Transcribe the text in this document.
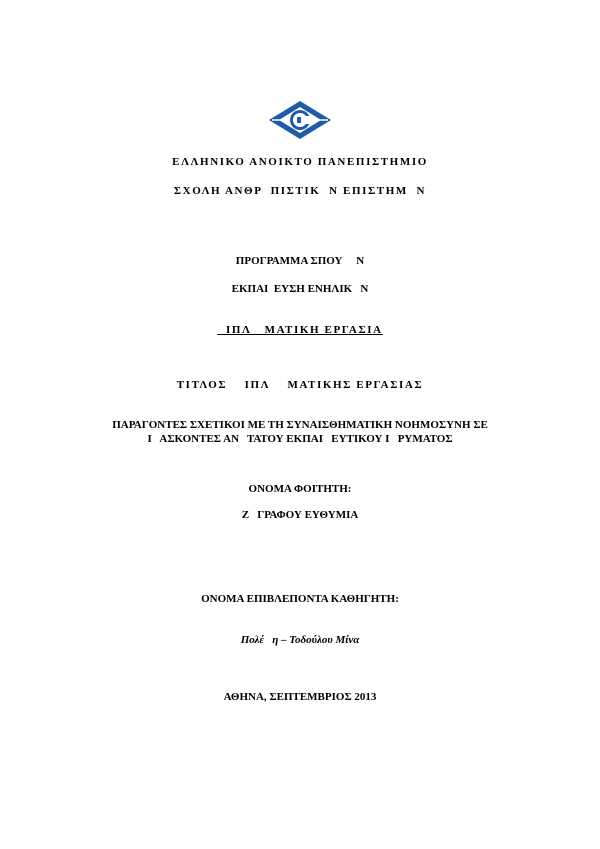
ΕΛΛΗΝΙΚΟ ΑΝΟΙΚΤΟ ΠΑΝΕΠΙΣΤΗΜΙΟ
ΣΧΟΛΗ ΑΝΘΡ  ΠΙΣΤΙΚ  Ν ΕΠΙΣΤΗΜ  Ν
ΠΡΟΓΡΑΜΜΑ ΣΠΟΥ     Ν
ΕΚΠΑΙ  ΕΥΣΗ ΕΝΗΛΙΚ   Ν
ΙΠΛ   ΜΑΤΙΚΗ ΕΡΓΑΣΙΑ
ΤΙΤΛΟΣ    ΙΠΛ    ΜΑΤΙΚΗΣ ΕΡΓΑΣΙΑΣ
ΠΑΡΑΓΟΝΤΕΣ ΣΧΕΤΙΚΟΙ ΜΕ ΤΗ ΣΥΝΑΙΣΘΗΜΑΤΙΚΗ ΝΟΗΜΟΣΥΝΗ ΣΕ
Ι   ΑΣΚΟΝΤΕΣ ΑΝ   ΤΑΤΟΥ ΕΚΠΑΙ   ΕΥΤΙΚΟΥ Ι   ΡΥΜΑΤΟΣ
ΟΝΟΜΑ ΦΟΙΤΗΤΗ:
Ζ   ΓΡΑΦΟΥ ΕΥΘΥΜΙΑ
ΟΝΟΜΑ ΕΠΙΒΛΕΠΟΝΤΑ ΚΑΘΗΓΗΤΗ:
Πολέ   η – Τοδούλου Μίνα
ΑΘΗΝΑ, ΣΕΠΤΕΜΒΡΙΟΣ 2013
